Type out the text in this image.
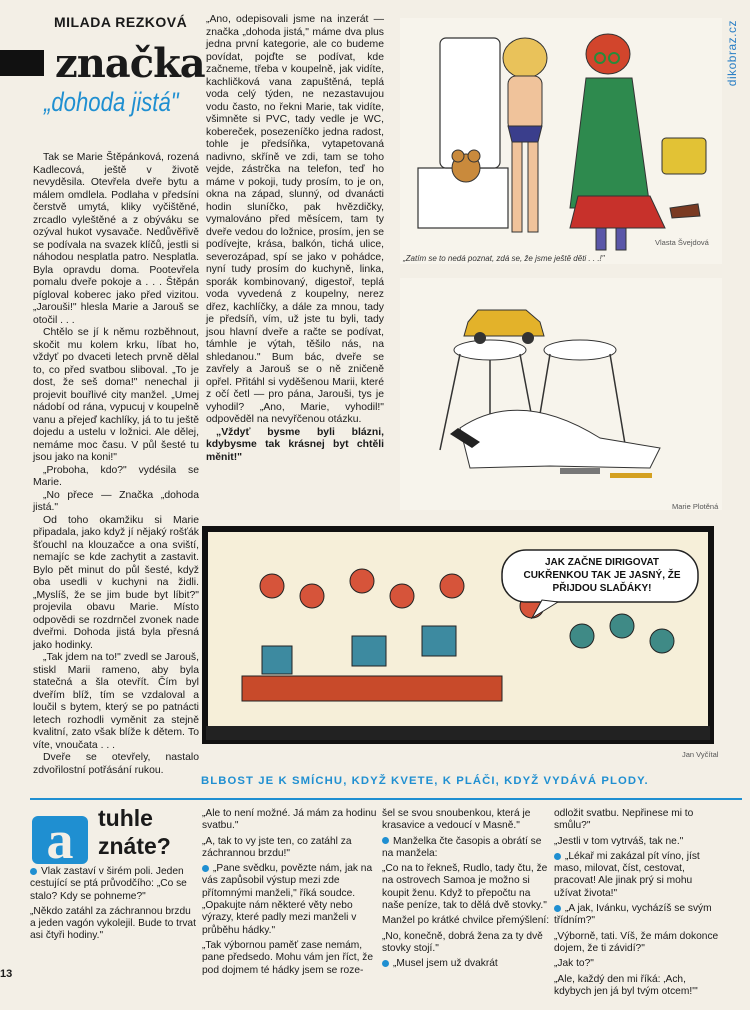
dikobraz.cz
MILADA REZKOVÁ
značka
„dohoda jistá"

Tak se Marie Štěpánková, rozená Kadlecová, ještě v životě nevyděsila. Otevřela dveře bytu a málem omdlela. Podlaha v předsíni čerstvě umytá, kliky vyčištěné, zrcadlo vyleštěné a z obýváku se ozýval hukot vysavače. Nedůvěřivě se podívala na svazek klíčů, jestli si náhodou nesplatla patro. Nesplatla. Byla opravdu doma. Pootevřela pomalu dveře pokoje a . . . Štěpán pígloval koberec jako před vizitou. „Jarouši!" hlesla Marie a Jarouš se otočil . . .

Chtělo se jí k němu rozběhnout, skočit mu kolem krku, líbat ho, vždyť po dvaceti letech prvně dělal to, co před svatbou sliboval. „To je dost, že seš doma!" nenechal ji projevit bouřlivé city manžel. „Umej nádobí od rána, vypucuj v koupelně vanu a přejeď kachlíky, já to tu ještě dojedu a ustelu v ložnici. Ale dělej, nemáme moc času. V půl šesté tu jsou jako na koni!"

„Proboha, kdo?" vydésila se Marie.

„No přece — Značka „dohoda jistá."

Od toho okamžiku si Marie připadala, jako když jí nějaký rošťák šťouchl na klouzačce a ona sviští, nemajíc se kde zachytit a zastavit. Bylo pět minut do půl šesté, když oba usedli v kuchyni na židli. „Myslíš, že se jim bude byt líbit?" projevila obavu Marie. Místo odpovědi se rozdrnčel zvonek nade dveřmi. Dohoda jistá byla přesná jako hodinky.

„Tak jdem na to!" zvedl se Jarouš, stiskl Marii rameno, aby byla statečná a šla otevřít. Čím byl dveřím blíž, tím se vzdaloval a loučil s bytem, který se po patnácti letech rozhodli vyměnit za stejně kvalitní, zato však blíže k dětem. To víte, vnoučata . . .

Dveře se otevřely, nastalo zdvořilostní potřásání rukou.

„Ano, odepisovali jsme na inzerát — značka „dohoda jistá," máme dva plus jedna první kategorie, ale co budeme povídat, pojďte se podívat, kde začneme, třeba v koupelně, jak vidíte, kachličková vana zapuštěná, teplá voda celý týden, ne nezastavujou vodu často, no řekni Marie, tak vidíte, všimněte si PVC, tady vedle je WC, kobereček, posezeníčko jedna radost, tohle je předsíňka, vytapetovaná nadivno, skříně ve zdi, tam se toho vejde, zástrčka na telefon, teď ho máme v pokoji, tudy prosím, to je on, okna na západ, slunný, od dvanácti hodin sluníčko, pak hvězdičky, vymalováno před měsícem, tam ty dveře vedou do ložnice, prosím, jen se podívejte, krása, balkón, tichá ulice, severozápad, spí se jako v pohádce, nyní tudy prosím do kuchyně, linka, sporák kombinovaný, digestoř, teplá voda vyvedená z koupelny, nerez dřez, kachlíčky, a dále za mnou, tady je předsíň, vím, už jste tu byli, tady jsou hlavní dveře a račte se podívat, támhle je výtah, těšilo nás, na shledanou." Bum bác, dveře se zavřely a Jarouš se o ně zničeně opřel. Přitáhl si vyděšenou Marii, které z očí četl — pro pána, Jarouši, tys je vyhodil? „Ano, Marie, vyhodil!" odpověděl na nevyřčenou otázku.

„Vždyť bysme byli blázni, kdybysme tak krásnej byt chtěli měnit!"

„Zatím se to nedá poznat, zdá se, že jsme ještě děti . . .!"
Vlasta Švejdová
Marie Plotěná
JAK ZAČNE DIRIGOVAT CUKŘENKOU TAK JE JASNÝ, ŽE PŘIJDOU SLAĎÁKY!
Jan Vyčítal
BLBOST JE K SMÍCHU, KDYŽ KVETE, K PLÁČI, KDYŽ VYDÁVÁ PLODY.
a tuhle
znáte?

Vlak zastaví v širém poli. Jeden cestující se ptá průvodčího: „Co se stalo? Kdy se pohneme?"

„Někdo zatáhl za záchrannou brzdu a jeden vagón vykolejil. Bude to trvat asi čtyři hodiny."

„Ale to není možné. Já mám za hodinu svatbu."

„A, tak to vy jste ten, co zatáhl za záchrannou brzdu!"

„Pane svědku, povězte nám, jak na vás zapůsobil výstup mezi zde přítomnými manželi," říká soudce. „Opakujte nám některé věty nebo výrazy, které padly mezi manželi v průběhu hádky."

„Tak výbornou paměť zase nemám, pane předsedo. Mohu vám jen říct, že pod dojmem té hádky jsem se roze-

šel se svou snoubenkou, která je krasavice a vedoucí v Masně."

Manželka čte časopis a obrátí se na manžela:

„Co na to řekneš, Rudlo, tady čtu, že na ostrovech Samoa je možno si koupit ženu. Když to přepočtu na naše peníze, tak to dělá dvě stovky."

Manžel po krátké chvilce přemýšlení:

„No, konečně, dobrá žena za ty dvě stovky stojí."

„Musel jsem už dvakrát

odložit svatbu. Nepřinese mi to smůlu?"

„Jestli v tom vytrváš, tak ne."

„Lékař mi zakázal pít víno, jíst maso, milovat, číst, cestovat, pracovat! Ale jinak prý si mohu užívat života!"

„A jak, Ivánku, vycházíš se svým třídním?"

„Výborně, tati. Víš, že mám dokonce dojem, že ti závidí?"

„Jak to?"

„Ale, každý den mi říká: ‚Ach, kdybych jen já byl tvým otcem!'"

13
